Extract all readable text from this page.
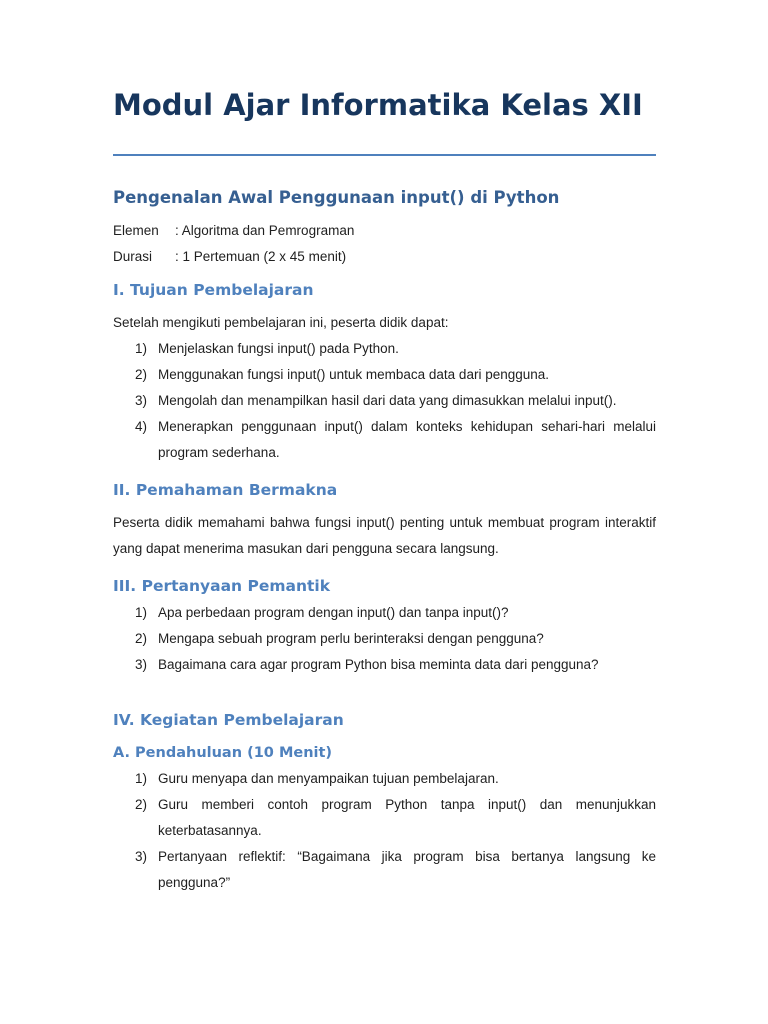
Modul Ajar Informatika Kelas XII
Pengenalan Awal Penggunaan input() di Python
Elemen	: Algoritma dan Pemrograman
Durasi	: 1 Pertemuan (2 x 45 menit)
I. Tujuan Pembelajaran

Setelah mengikuti pembelajaran ini, peserta didik dapat:

1) Menjelaskan fungsi input() pada Python.
2) Menggunakan fungsi input() untuk membaca data dari pengguna.
3) Mengolah dan menampilkan hasil dari data yang dimasukkan melalui input().
4) Menerapkan penggunaan input() dalam konteks kehidupan sehari-hari melalui program sederhana.
II. Pemahaman Bermakna

Peserta didik memahami bahwa fungsi input() penting untuk membuat program interaktif yang dapat menerima masukan dari pengguna secara langsung.

III. Pertanyaan Pemantik
1) Apa perbedaan program dengan input() dan tanpa input()?
2) Mengapa sebuah program perlu berinteraksi dengan pengguna?
3) Bagaimana cara agar program Python bisa meminta data dari pengguna?
IV. Kegiatan Pembelajaran
A. Pendahuluan (10 Menit)
1) Guru menyapa dan menyampaikan tujuan pembelajaran.
2) Guru memberi contoh program Python tanpa input() dan menunjukkan keterbatasannya.
3) Pertanyaan reflektif: “Bagaimana jika program bisa bertanya langsung ke pengguna?”
